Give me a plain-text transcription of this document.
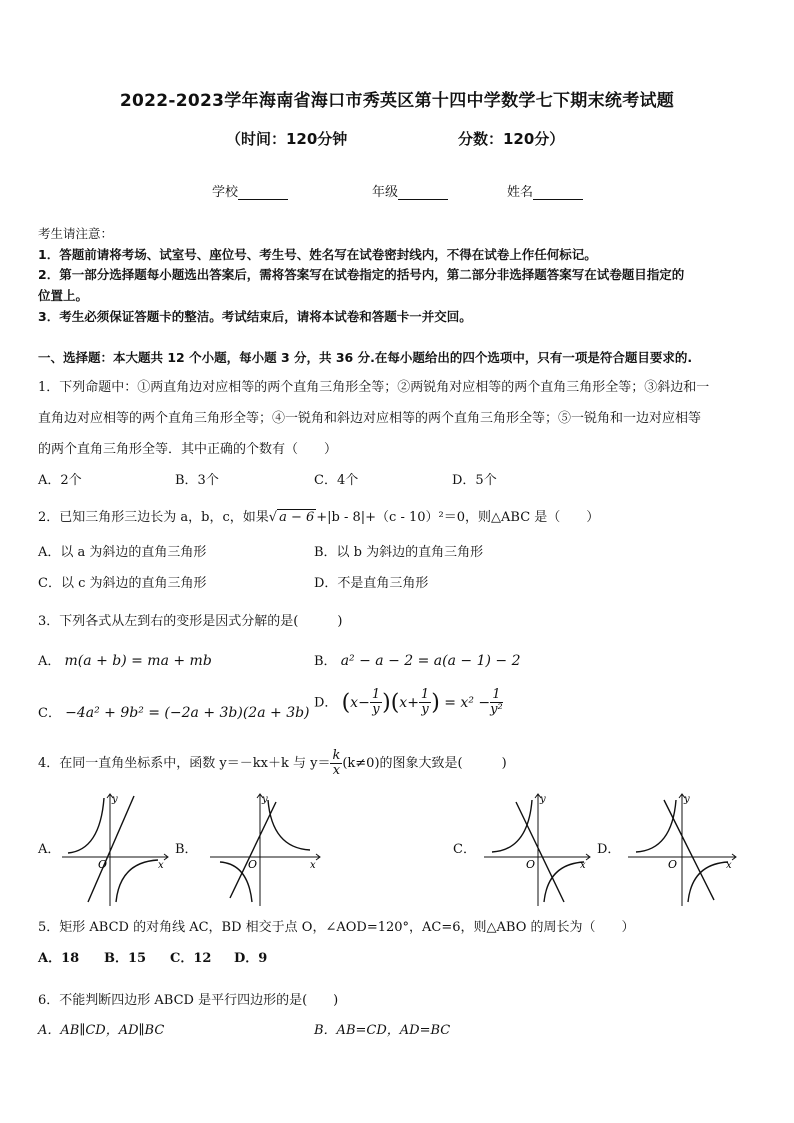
2022-2023学年海南省海口市秀英区第十四中学数学七下期末统考试题
（时间：120分钟	分数：120分）
学校	年级	姓名
考生请注意：
1．答题前请将考场、试室号、座位号、考生号、姓名写在试卷密封线内，不得在试卷上作任何标记。
2．第一部分选择题每小题选出答案后，需将答案写在试卷指定的括号内，第二部分非选择题答案写在试卷题目指定的
位置上。
3．考生必须保证答题卡的整洁。考试结束后，请将本试卷和答题卡一并交回。
一、选择题：本大题共 12 个小题，每小题 3 分，共 36 分.在每小题给出的四个选项中，只有一项是符合题目要求的.
1．下列命题中：①两直角边对应相等的两个直角三角形全等；②两锐角对应相等的两个直角三角形全等；③斜边和一
直角边对应相等的两个直角三角形全等；④一锐角和斜边对应相等的两个直角三角形全等；⑤一锐角和一边对应相等
的两个直角三角形全等．其中正确的个数有（　　）
A．2个	B．3个	C．4个	D．5个
2．已知三角形三边长为 a，b，c，如果√ a − 6 +|b - 8|+（c - 10）²＝0，则△ABC 是（　　）
A．以 a 为斜边的直角三角形	B．以 b 为斜边的直角三角形
C．以 c 为斜边的直角三角形	D．不是直角三角形
3．下列各式从左到右的变形是因式分解的是(　　　)
A． m(a + b) = ma + mb	B． a² − a − 2 = a(a − 1) − 2
C． −4a² + 9b² = (−2a + 3b)(2a + 3b)
D． $(x- \frac{1}{y} )(x+ \frac{1}{y}$ ) = $x^2 - \frac{1}{\text{y²}}$
4．在同一直角坐标系中，函数 y＝－kx＋k 与 $y= \frac{k}{x} (k\ne 0)$的图象大致是(　　　)
A．	B．	C．	D．
y
x
O
y
x
O
y
x
O
y
x
O
5．矩形 ABCD 的对角线 AC，BD 相交于点 O，∠AOD=120°，AC=6，则△ABO 的周长为（　　）
A．18 B．15 C．12 D．9
6．不能判断四边形 ABCD 是平行四边形的是(　　)
A．AB∥CD，AD∥BC	B．AB=CD，AD=BC
